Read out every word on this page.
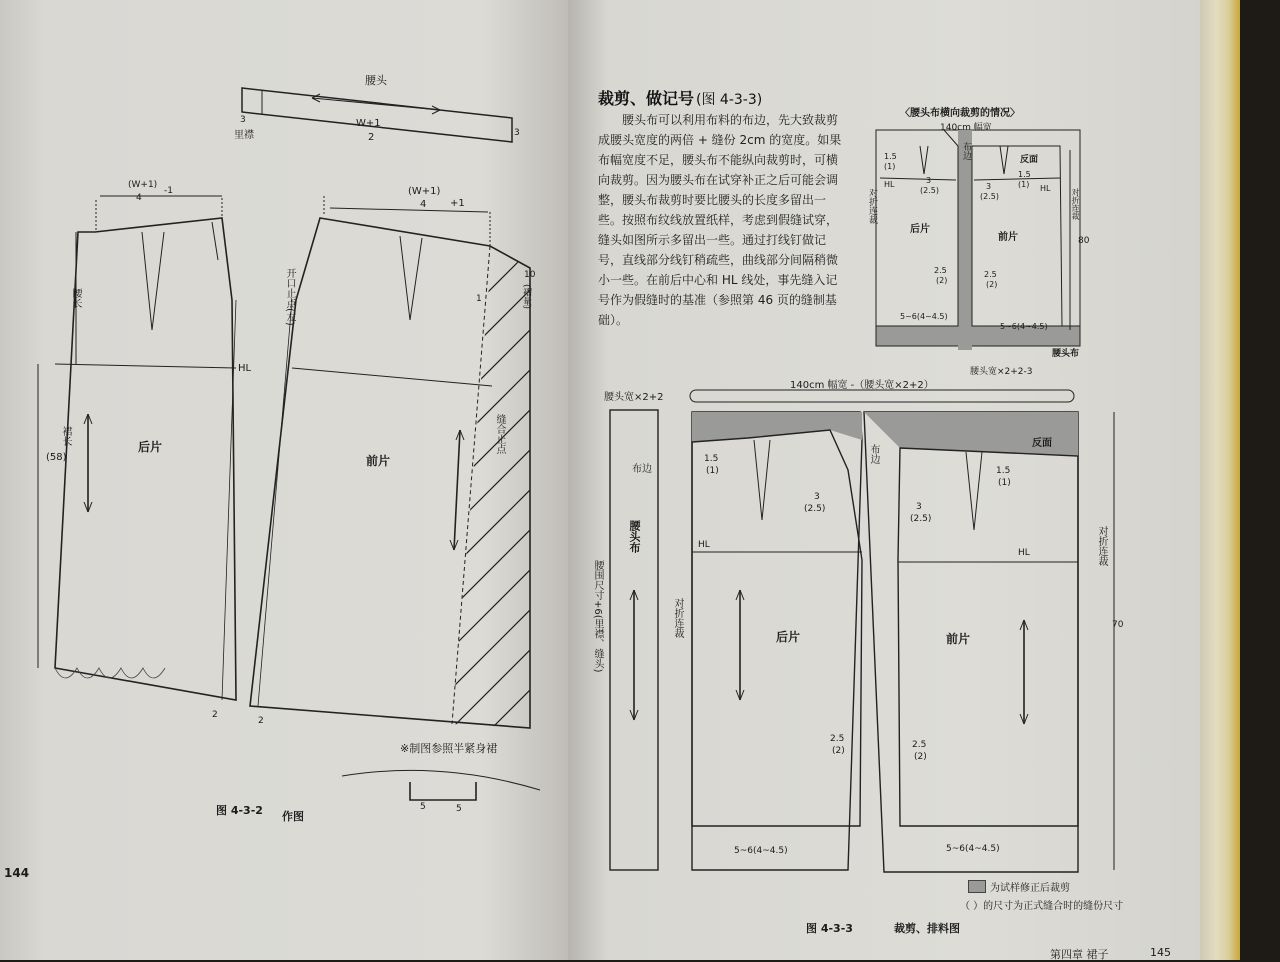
腰头
3
里襟	3
W+1
2
(W+1)
4
-1	(W+1)
4 +1
腰长
HL
裙长
(58)
后片
前片
开口止点(左)
缝合止点
10
(褶量)
1
2
2
5	5
※制图参照半紧身裙
图 4-3-2 作图
144
裁剪、做记号 (图 4-3-3)
腰头布可以利用布料的布边，先大致裁剪成腰头宽度的两倍 + 缝份 2cm 的宽度。如果布幅宽度不足，腰头布不能纵向裁剪时，可横向裁剪。因为腰头布在试穿补正之后可能会调整，腰头布裁剪时要比腰头的长度多留出一些。按照布纹线放置纸样，考虑到假缝试穿，缝头如图所示多留出一些。通过打线钉做记号，直线部分线钉稍疏些，曲线部分间隔稍微小一些。在前后中心和 HL 线处，事先缝入记号作为假缝时的基准（参照第 46 页的缝制基础）。
〈腰头布横向裁剪的情况〉
140cm 幅宽
布边	反面
对折连裁
后片
前片
HL	HL
1.5
(1)
1.5
(1)
3
(2.5)	3
(2.5)
2.5
(2)
2.5
(2)
5~6(4~4.5)
5~6(4~4.5)
80
对折连裁
腰头布
腰头宽×2+2-3
腰头宽×2+2
140cm 幅宽 -（腰头宽×2+2）
布边
布边
反面
腰头布
腰围尺寸+6(里襟、缝头)	对折连裁
对折连裁
后片	前片
HL
HL
1.5
(1)	1.5
(1)
3
(2.5)	3
(2.5)
2.5
(2)
2.5
(2)
5~6(4~4.5)	5~6(4~4.5)
70
为试样修正后裁剪
（ ）的尺寸为正式缝合时的缝份尺寸
图 4-3-3	裁剪、排料图
第四章 裙子	145
